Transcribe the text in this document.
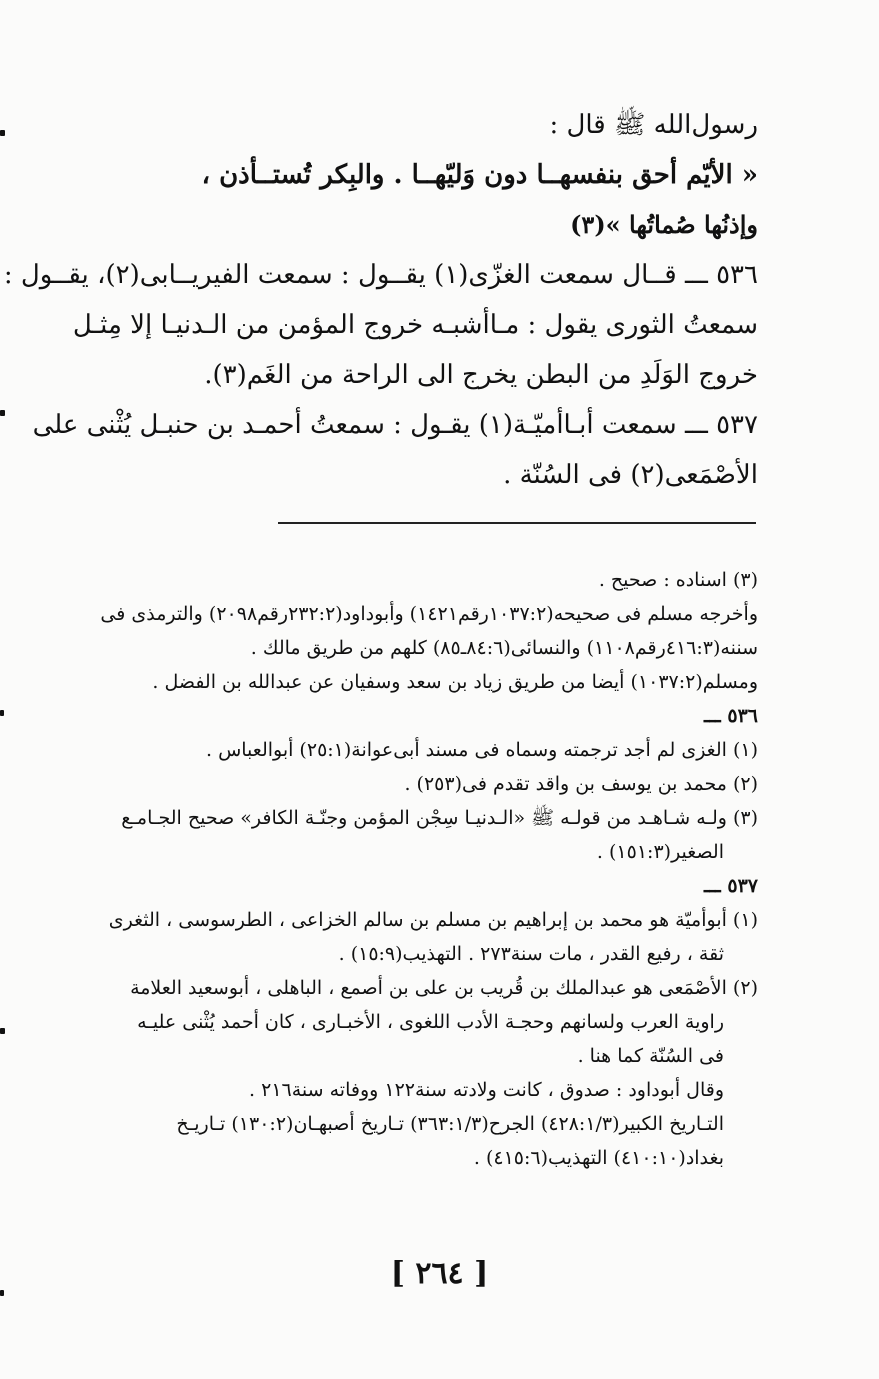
رسول‌الله ﷺ قال :

« الأيّم أحق بنفسهــا دون وَليّهــا . والبِكر تُستــأذن ،

وإذنُها صُماتُها »(٣)

٥٣٦ ـــ قــال سمعت الغزّى(١) يقــول : سمعت الفيريــابى(٢)، يقــول :

سمعتُ الثورى يقول : مـاأشبـه خروج المؤمن من الـدنيـا إلا مِثـل

خروج الوَلَدِ من البطن يخرج الى الراحة من الغَم(٣).

٥٣٧ ـــ سمعت أبـاأميّـة(١) يقـول : سمعتُ أحمـد بن حنبـل يُثْنى على

الأصْمَعى(٢) فى السُنّة .

(٣) اسناده : صحيح .

وأخرجه مسلم فى صحيحه(١٠٣٧:٢رقم١٤٢١) وأبوداود(٢٣٢:٢رقم٢٠٩٨) والترمذى فى

سننه(٤١٦:٣رقم١١٠٨) والنسائى(٨٤:٦ـ٨٥) كلهم من طريق مالك .

ومسلم(١٠٣٧:٢) أيضا من طريق زياد بن سعد وسفيان عن عبدالله بن الفضل .

٥٣٦ ـــ

(١) الغزى لم أجد ترجمته وسماه فى مسند أبى‌عوانة(٢٥:١) أبوالعباس .

(٢) محمد بن يوسف بن واقد تقدم فى(٢٥٣) .

(٣) ولـه شـاهـد من قولـه ﷺ «الـدنيـا سِجْن المؤمن وجنّـة الكافر» صحيح الجـامـع

الصغير(١٥١:٣) .

٥٣٧ ـــ

(١) أبوأميّة هو محمد بن إبراهيم بن مسلم بن سالم الخزاعى ، الطرسوسى ، الثغرى

ثقة ، رفيع القدر ، مات سنة٢٧٣ . التهذيب(١٥:٩) .

(٢) الأصْمَعى هو عبدالملك بن قُريب بن على بن أصمع ، الباهلى ، أبوسعيد العلامة

راوية العرب ولسانهم وحجـة الأدب اللغوى ، الأخبـارى ، كان أحمد يُثْنى عليـه

فى السُنّة كما هنا .

وقال أبوداود : صدوق ، كانت ولادته سنة١٢٢ ووفاته سنة٢١٦ .

التـاريخ الكبير(٤٢٨:١/٣) الجرح(٣٦٣:١/٣) تـاريخ أصبهـان(١٣٠:٢) تـاريـخ

بغداد(٤١٠:١٠) التهذيب(٤١٥:٦) .

[ ٢٦٤ ]
